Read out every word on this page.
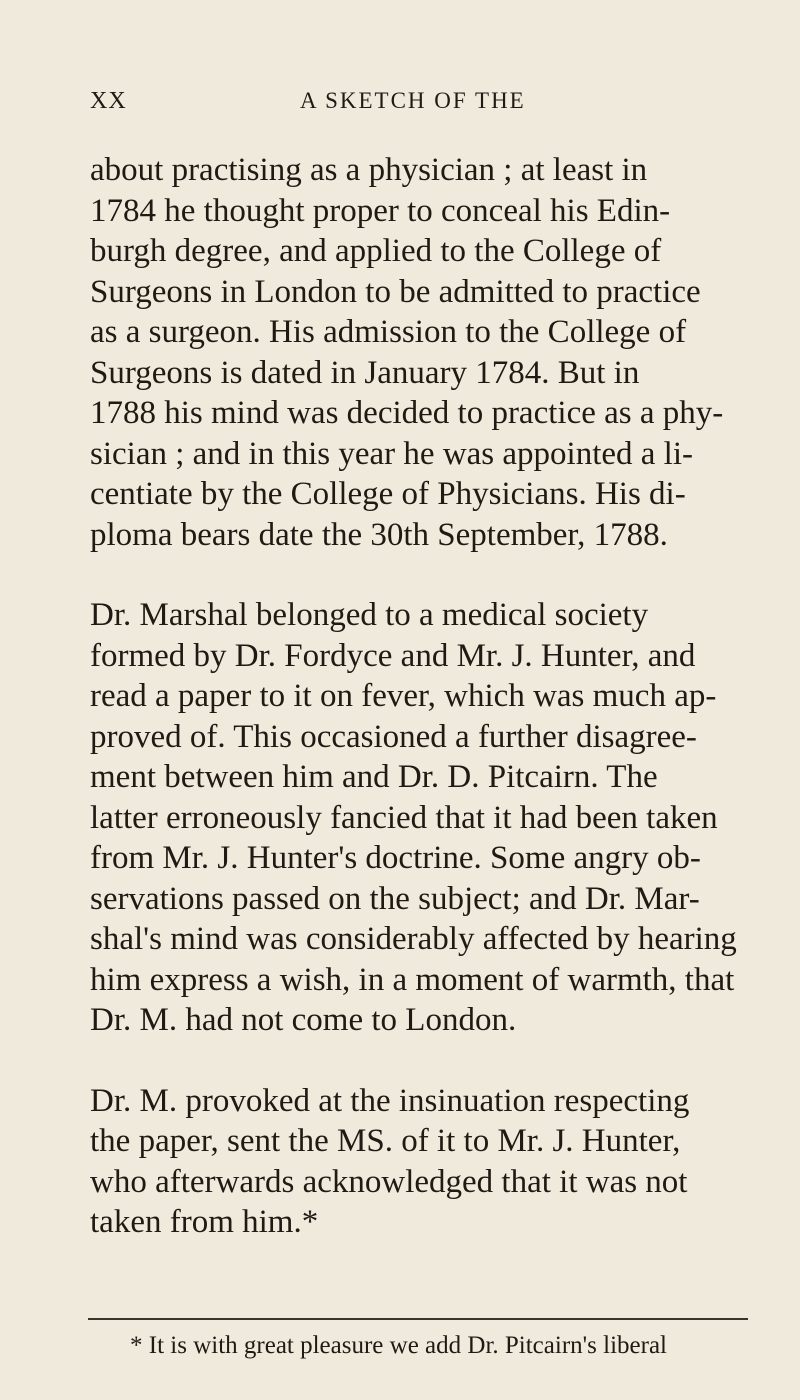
XX	A SKETCH OF THE
about practising as a physician ; at least in
1784 he thought proper to conceal his Edin-
burgh degree, and applied to the College of
Surgeons in London to be admitted to practice
as a surgeon. His admission to the College of
Surgeons is dated in January 1784. But in
1788 his mind was decided to practice as a phy-
sician ; and in this year he was appointed a li-
centiate by the College of Physicians. His di-
ploma bears date the 30th September, 1788.
Dr. Marshal belonged to a medical society
formed by Dr. Fordyce and Mr. J. Hunter, and
read a paper to it on fever, which was much ap-
proved of. This occasioned a further disagree-
ment between him and Dr. D. Pitcairn. The
latter erroneously fancied that it had been taken
from Mr. J. Hunter's doctrine. Some angry ob-
servations passed on the subject; and Dr. Mar-
shal's mind was considerably affected by hearing
him express a wish, in a moment of warmth, that
Dr. M. had not come to London.
Dr. M. provoked at the insinuation respecting
the paper, sent the MS. of it to Mr. J. Hunter,
who afterwards acknowledged that it was not
taken from him.*
* It is with great pleasure we add Dr. Pitcairn's liberal
